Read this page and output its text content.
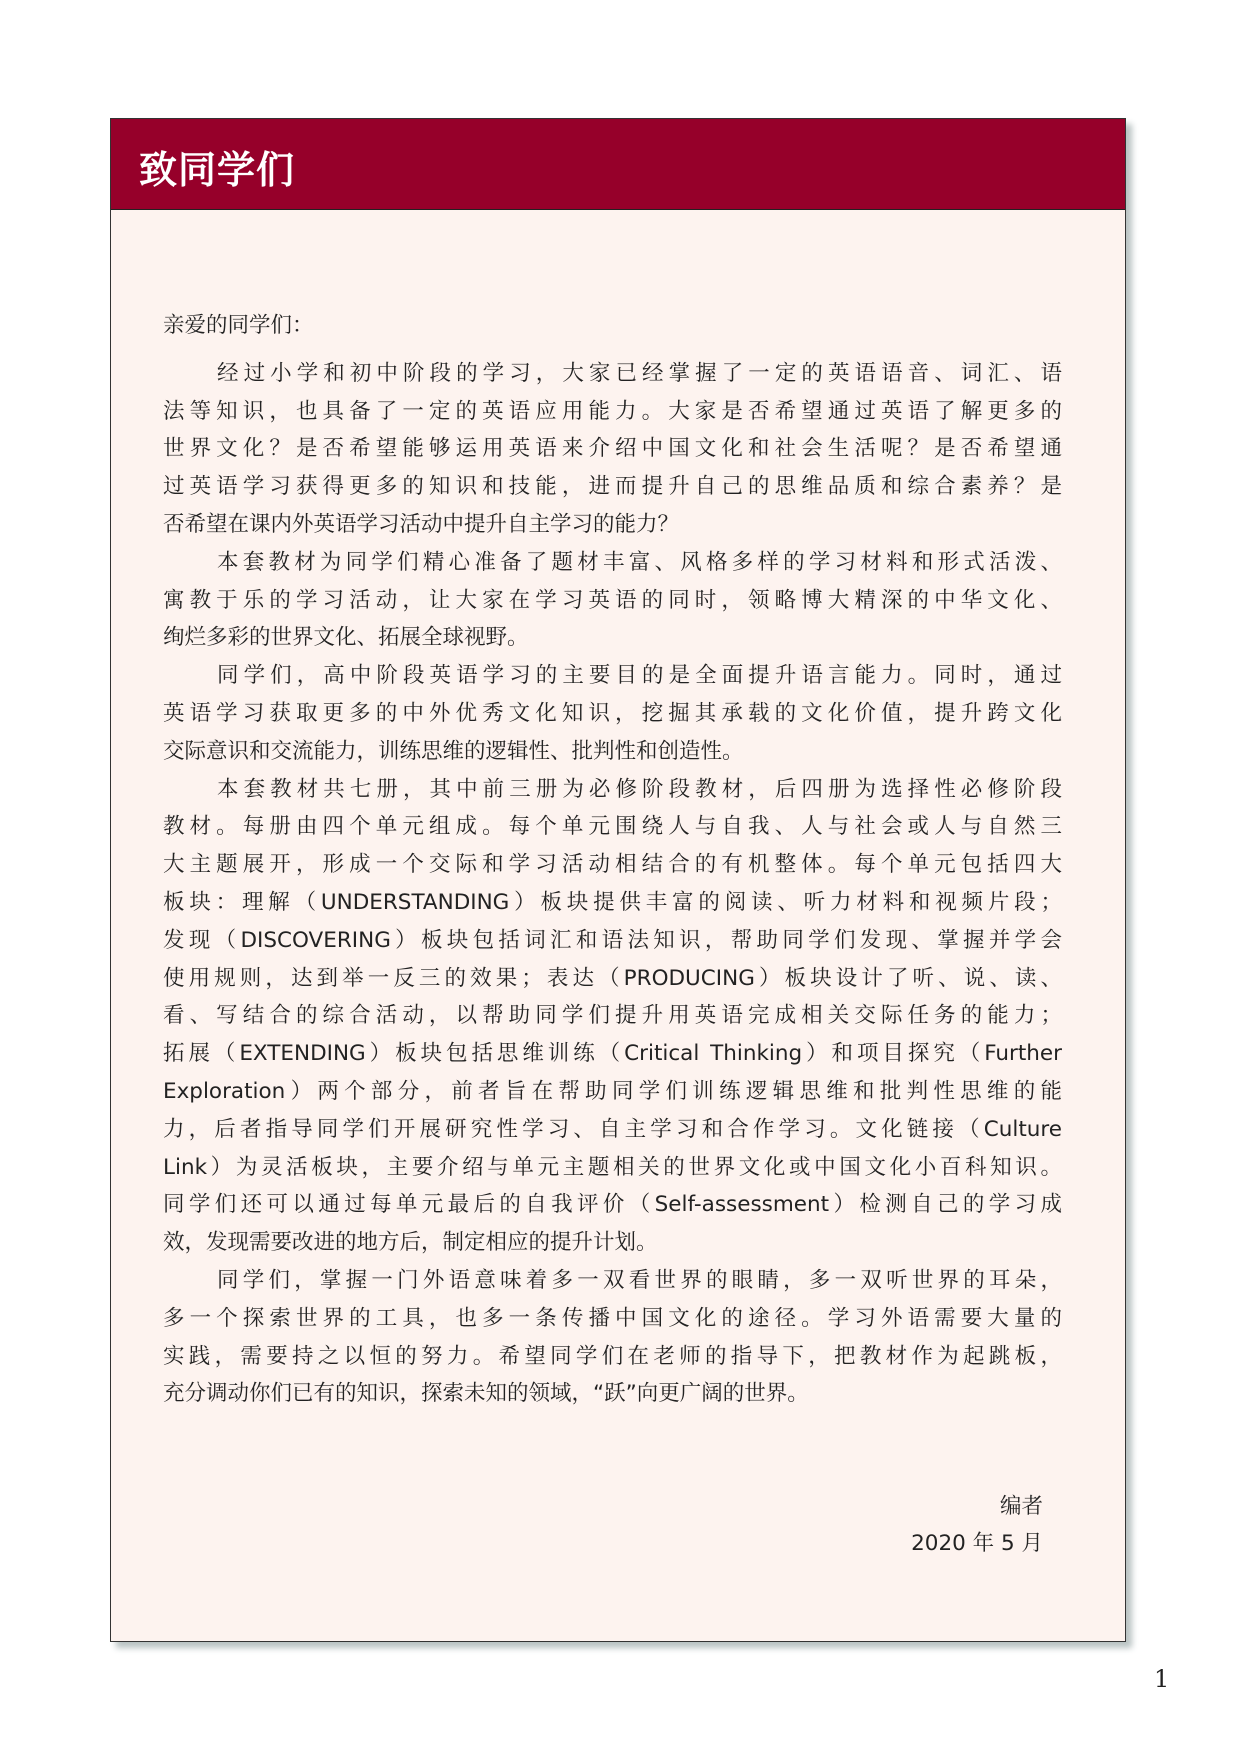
致同学们
亲爱的同学们：
经过小学和初中阶段的学习，大家已经掌握了一定的英语语音、词汇、语
法等知识，也具备了一定的英语应用能力。大家是否希望通过英语了解更多的
世界文化？是否希望能够运用英语来介绍中国文化和社会生活呢？是否希望通
过英语学习获得更多的知识和技能，进而提升自己的思维品质和综合素养？是
否希望在课内外英语学习活动中提升自主学习的能力？
本套教材为同学们精心准备了题材丰富、风格多样的学习材料和形式活泼、
寓教于乐的学习活动，让大家在学习英语的同时，领略博大精深的中华文化、
绚烂多彩的世界文化、拓展全球视野。
同学们，高中阶段英语学习的主要目的是全面提升语言能力。同时，通过
英语学习获取更多的中外优秀文化知识，挖掘其承载的文化价值，提升跨文化
交际意识和交流能力，训练思维的逻辑性、批判性和创造性。
本套教材共七册，其中前三册为必修阶段教材，后四册为选择性必修阶段
教材。每册由四个单元组成。每个单元围绕人与自我、人与社会或人与自然三
大主题展开，形成一个交际和学习活动相结合的有机整体。每个单元包括四大
板块：理解（UNDERSTANDING）板块提供丰富的阅读、听力材料和视频片段；
发现（DISCOVERING）板块包括词汇和语法知识，帮助同学们发现、掌握并学会
使用规则，达到举一反三的效果；表达（PRODUCING）板块设计了听、说、读、
看、写结合的综合活动，以帮助同学们提升用英语完成相关交际任务的能力；
拓展（EXTENDING）板块包括思维训练（Critical Thinking）和项目探究（Further
Exploration）两个部分，前者旨在帮助同学们训练逻辑思维和批判性思维的能
力，后者指导同学们开展研究性学习、自主学习和合作学习。文化链接（Culture
Link）为灵活板块，主要介绍与单元主题相关的世界文化或中国文化小百科知识。
同学们还可以通过每单元最后的自我评价（Self-assessment）检测自己的学习成
效，发现需要改进的地方后，制定相应的提升计划。
同学们，掌握一门外语意味着多一双看世界的眼睛，多一双听世界的耳朵，
多一个探索世界的工具，也多一条传播中国文化的途径。学习外语需要大量的
实践，需要持之以恒的努力。希望同学们在老师的指导下，把教材作为起跳板，
充分调动你们已有的知识，探索未知的领域，“跃”向更广阔的世界。
编者
2020 年 5 月
1
